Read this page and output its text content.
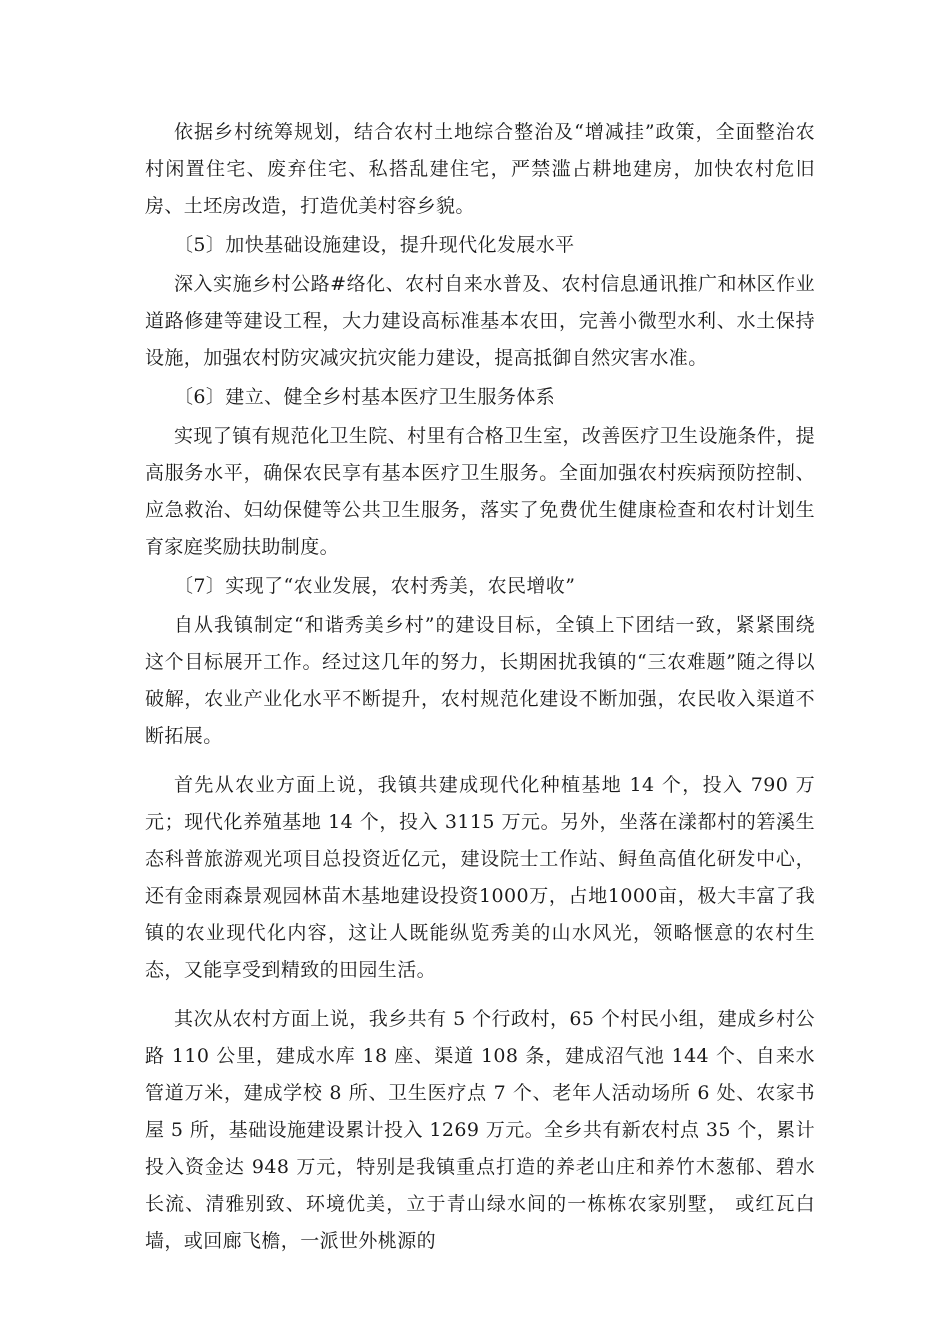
依据乡村统筹规划，结合农村土地综合整治及“增减挂”政策，全面整治农村闲置住宅、废弃住宅、私搭乱建住宅，严禁滥占耕地建房，加快农村危旧房、土坯房改造，打造优美村容乡貌。

〔5〕加快基础设施建设，提升现代化发展水平

深入实施乡村公路#络化、农村自来水普及、农村信息通讯推广和林区作业道路修建等建设工程，大力建设高标准基本农田，完善小微型水利、水土保持设施，加强农村防灾减灾抗灾能力建设，提高抵御自然灾害水准。

〔6〕建立、健全乡村基本医疗卫生服务体系

实现了镇有规范化卫生院、村里有合格卫生室，改善医疗卫生设施条件，提高服务水平，确保农民享有基本医疗卫生服务。全面加强农村疾病预防控制、应急救治、妇幼保健等公共卫生服务，落实了免费优生健康检查和农村计划生育家庭奖励扶助制度。

〔7〕实现了“农业发展，农村秀美，农民增收”

自从我镇制定“和谐秀美乡村”的建设目标，全镇上下团结一致，紧紧围绕这个目标展开工作。经过这几年的努力，长期困扰我镇的“三农难题”随之得以破解，农业产业化水平不断提升，农村规范化建设不断加强，农民收入渠道不断拓展。

首先从农业方面上说，我镇共建成现代化种植基地 14 个，投入 790 万元；现代化养殖基地 14 个，投入 3115 万元。另外，坐落在漾都村的箬溪生态科普旅游观光项目总投资近亿元，建设院士工作站、鲟鱼高值化研发中心，还有金雨森景观园林苗木基地建设投资1000万，占地1000亩，极大丰富了我镇的农业现代化内容，这让人既能纵览秀美的山水风光，领略惬意的农村生态，又能享受到精致的田园生活。

其次从农村方面上说，我乡共有 5 个行政村，65 个村民小组，建成乡村公路 110 公里，建成水库 18 座、渠道 108 条，建成沼气池 144 个、自来水管道万米，建成学校 8 所、卫生医疗点 7 个、老年人活动场所 6 处、农家书屋 5 所，基础设施建设累计投入 1269 万元。全乡共有新农村点 35 个，累计投入资金达 948 万元，特别是我镇重点打造的养老山庄和养竹木葱郁、碧水长流、清雅别致、环境优美，立于青山绿水间的一栋栋农家别墅， 或红瓦白墙，或回廊飞檐，一派世外桃源的
